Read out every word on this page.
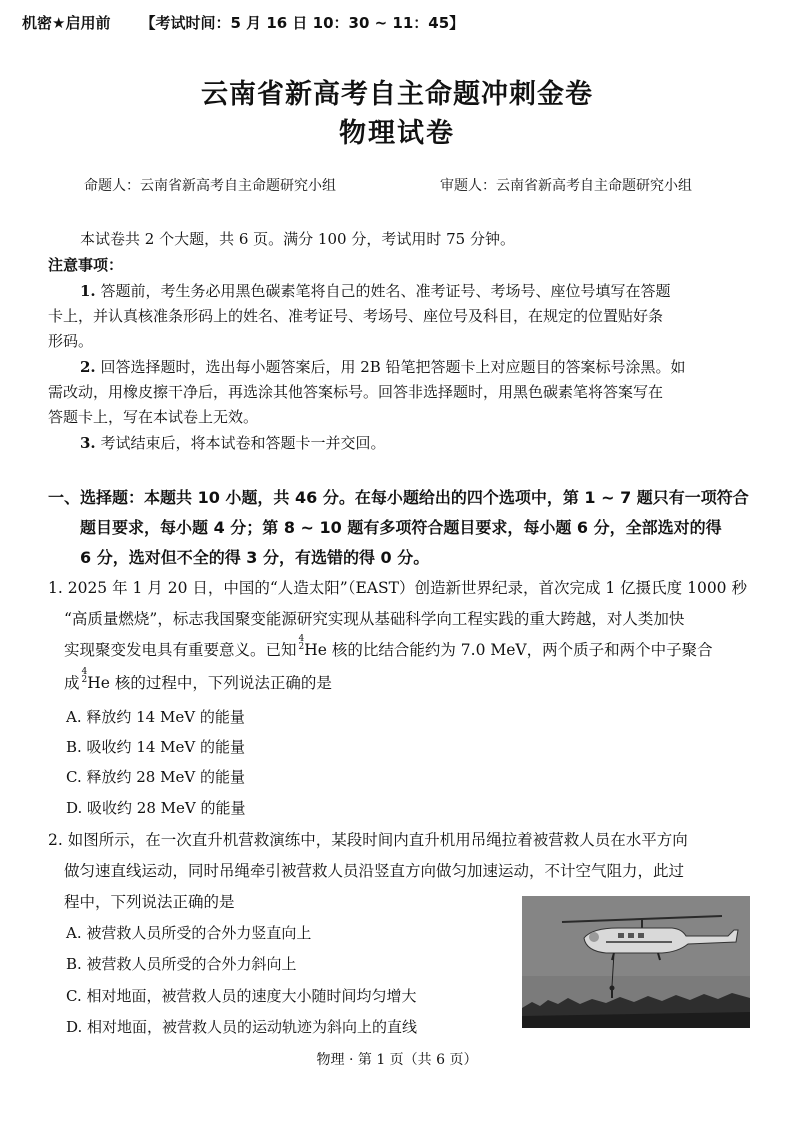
机密★启用前 【考试时间：5 月 16 日 10：30 ~ 11：45】
云南省新高考自主命题冲刺金卷
物理试卷
命题人：云南省新高考自主命题研究小组	审题人：云南省新高考自主命题研究小组
本试卷共 2 个大题，共 6 页。满分 100 分，考试用时 75 分钟。
注意事项：
1. 答题前，考生务必用黑色碳素笔将自己的姓名、准考证号、考场号、座位号填写在答题
卡上，并认真核准条形码上的姓名、准考证号、考场号、座位号及科目，在规定的位置贴好条
形码。
2. 回答选择题时，选出每小题答案后，用 2B 铅笔把答题卡上对应题目的答案标号涂黑。如
需改动，用橡皮擦干净后，再选涂其他答案标号。回答非选择题时，用黑色碳素笔将答案写在
答题卡上，写在本试卷上无效。
3. 考试结束后，将本试卷和答题卡一并交回。
一、选择题：本题共 10 小题，共 46 分。在每小题给出的四个选项中，第 1 ~ 7 题只有一项符合
题目要求，每小题 4 分；第 8 ~ 10 题有多项符合题目要求，每小题 6 分，全部选对的得
6 分，选对但不全的得 3 分，有选错的得 0 分。
1. 2025 年 1 月 20 日，中国的“人造太阳”（EAST）创造新世界纪录，首次完成 1 亿摄氏度 1000 秒
“高质量燃烧”，标志我国聚变能源研究实现从基础科学向工程实践的重大跨越，对人类加快
实现聚变发电具有重要意义。已知
$^{4 2}$ He 核的比结合能约为 7.0 MeV，两个质子和两个中子聚合
成
$^{4 2}$ He 核的过程中，下列说法正确的是
A. 释放约 14 MeV 的能量
B. 吸收约 14 MeV 的能量
C. 释放约 28 MeV 的能量
D. 吸收约 28 MeV 的能量
2. 如图所示，在一次直升机营救演练中，某段时间内直升机用吊绳拉着被营救人员在水平方向
做匀速直线运动，同时吊绳牵引被营救人员沿竖直方向做匀加速运动，不计空气阻力，此过
程中，下列说法正确的是
A. 被营救人员所受的合外力竖直向上
B. 被营救人员所受的合外力斜向上
C. 相对地面，被营救人员的速度大小随时间均匀增大
D. 相对地面，被营救人员的运动轨迹为斜向上的直线
物理 · 第 1 页（共 6 页）
